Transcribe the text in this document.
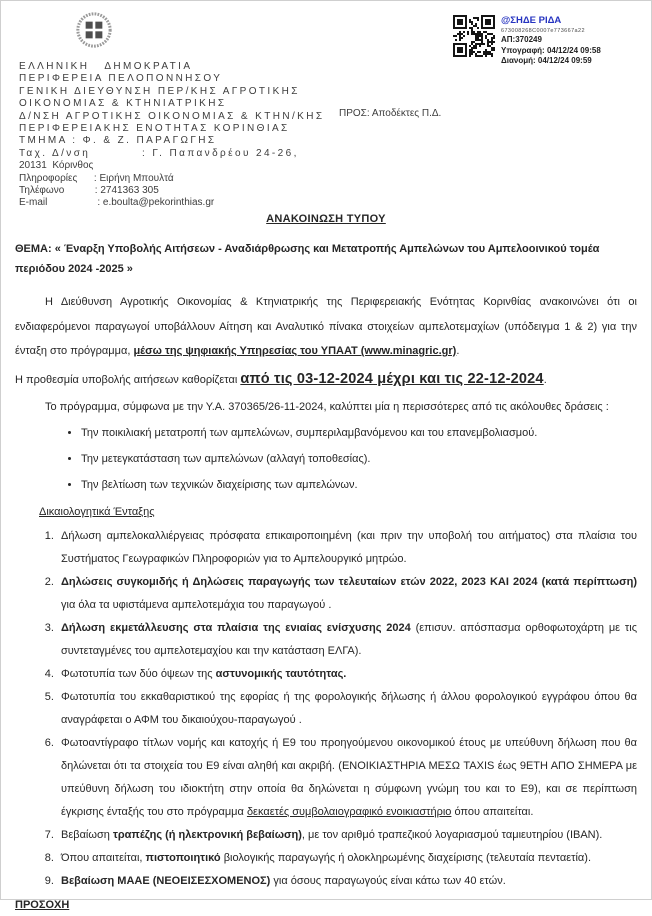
ΕΛΛΗΝΙΚΗ   ΔΗΜΟΚΡΑΤΙΑ
ΠΕΡΙΦΕΡΕΙΑ ΠΕΛΟΠΟΝΝΗΣΟΥ
ΓΕΝΙΚΗ ΔΙΕΥΘΥΝΣΗ ΠΕΡ/ΚΗΣ ΑΓΡΟΤΙΚΗΣ
ΟΙΚΟΝΟΜΙΑΣ & ΚΤΗΝΙΑΤΡΙΚΗΣ
Δ/ΝΣΗ ΑΓΡΟΤΙΚΗΣ ΟΙΚΟΝΟΜΙΑΣ & ΚΤΗΝ/ΚΗΣ
ΠΕΡΙΦΕΡΕΙΑΚΗΣ ΕΝΟΤΗΤΑΣ ΚΟΡΙΝΘΙΑΣ
ΤΜΗΜΑ : Φ. & Ζ. ΠΑΡΑΓΩΓΗΣ
Ταχ. Δ/νση          : Γ. Παπανδρέου 24-26,
20131  Κόρινθος
Πληροφορίες      : Ειρήνη Μπουλτά
Τηλέφωνο           : 2741363 305
E-mail                  : e.boulta@pekorinthias.gr
ΠΡΟΣ: Αποδέκτες Π.Δ.
@ΣΗΔΕ ΡΙΔΑ
673008268C0007e773667a22
ΑΠ:370249
Υπογραφή: 04/12/24 09:58
Διανομή: 04/12/24 09:59
ΑΝΑΚΟΙΝΩΣΗ ΤΥΠΟΥ
ΘΕΜΑ: « Έναρξη Υποβολής Αιτήσεων - Αναδιάρθρωσης και Μετατροπής Αμπελώνων του Αμπελοοινικού τομέα περιόδου 2024 -2025 »
Η Διεύθυνση Αγροτικής Οικονομίας & Κτηνιατρικής της Περιφερειακής Ενότητας Κορινθίας ανακοινώνει ότι οι ενδιαφερόμενοι παραγωγοί υποβάλλουν Αίτηση και Αναλυτικό πίνακα στοιχείων αμπελοτεμαχίων (υπόδειγμα 1 & 2) για την ένταξη στο πρόγραμμα, μέσω της ψηφιακής Υπηρεσίας του ΥΠΑΑΤ (www.minagric.gr).
Η προθεσμία υποβολής αιτήσεων καθορίζεται από τις 03-12-2024 μέχρι και τις 22-12-2024.
Το πρόγραμμα, σύμφωνα με την Υ.Α. 370365/26-11-2024, καλύπτει μία η περισσότερες από τις ακόλουθες δράσεις :
• Την ποικιλιακή μετατροπή των αμπελώνων, συμπεριλαμβανόμενου και του επανεμβολιασμού.
• Την μετεγκατάσταση των αμπελώνων (αλλαγή τοποθεσίας).
• Την βελτίωση των τεχνικών διαχείρισης των αμπελώνων.
Δικαιολογητικά Ένταξης
1. Δήλωση αμπελοκαλλιέργειας πρόσφατα επικαιροποιημένη (και πριν την υποβολή του αιτήματος) στα πλαίσια του Συστήματος Γεωγραφικών Πληροφοριών για το Αμπελουργικό μητρώο.
2. Δηλώσεις συγκομιδής ή Δηλώσεις παραγωγής των τελευταίων ετών 2022, 2023 ΚΑΙ 2024 (κατά περίπτωση) για όλα τα υφιστάμενα αμπελοτεμάχια του παραγωγού .
3. Δήλωση εκμετάλλευσης στα πλαίσια της ενιαίας ενίσχυσης 2024 (επισυν. απόσπασμα ορθοφωτοχάρτη με τις συντεταγμένες του αμπελοτεμαχίου και την κατάσταση ΕΛΓΑ).
4. Φωτοτυπία των δύο όψεων της αστυνομικής ταυτότητας.
5. Φωτοτυπία του εκκαθαριστικού της εφορίας ή της φορολογικής δήλωσης ή άλλου φορολογικού εγγράφου όπου θα αναγράφεται ο ΑΦΜ του δικαιούχου-παραγωγού .
6. Φωτοαντίγραφο τίτλων νομής και κατοχής ή Ε9 του προηγούμενου οικονομικού έτους με υπεύθυνη δήλωση που θα δηλώνεται ότι τα στοιχεία του Ε9 είναι αληθή και ακριβή. (ΕΝΟΙΚΙΑΣΤΗΡΙΑ ΜΕΣΩ TAXIS έως 9ΕΤΗ ΑΠΟ ΣΗΜΕΡΑ με υπεύθυνη δήλωση του ιδιοκτήτη στην οποία θα δηλώνεται η σύμφωνη γνώμη του και το Ε9), και σε περίπτωση έγκρισης ένταξής του στο πρόγραμμα δεκαετές συμβολαιογραφικό ενοικιαστήριο όπου απαιτείται.
7. Βεβαίωση τραπέζης (ή ηλεκτρονική βεβαίωση), με τον αριθμό τραπεζικού λογαριασμού ταμιευτηρίου (IBAN).
8. Όπου απαιτείται, πιστοποιητικό βιολογικής παραγωγής ή ολοκληρωμένης διαχείρισης (τελευταία πενταετία).
9. Βεβαίωση ΜΑΑΕ (ΝΕΟΕΙΣΕΣΧΟΜΕΝΟΣ) για όσους παραγωγούς είναι κάτω των 40 ετών.
ΠΡΟΣΟΧΗ
